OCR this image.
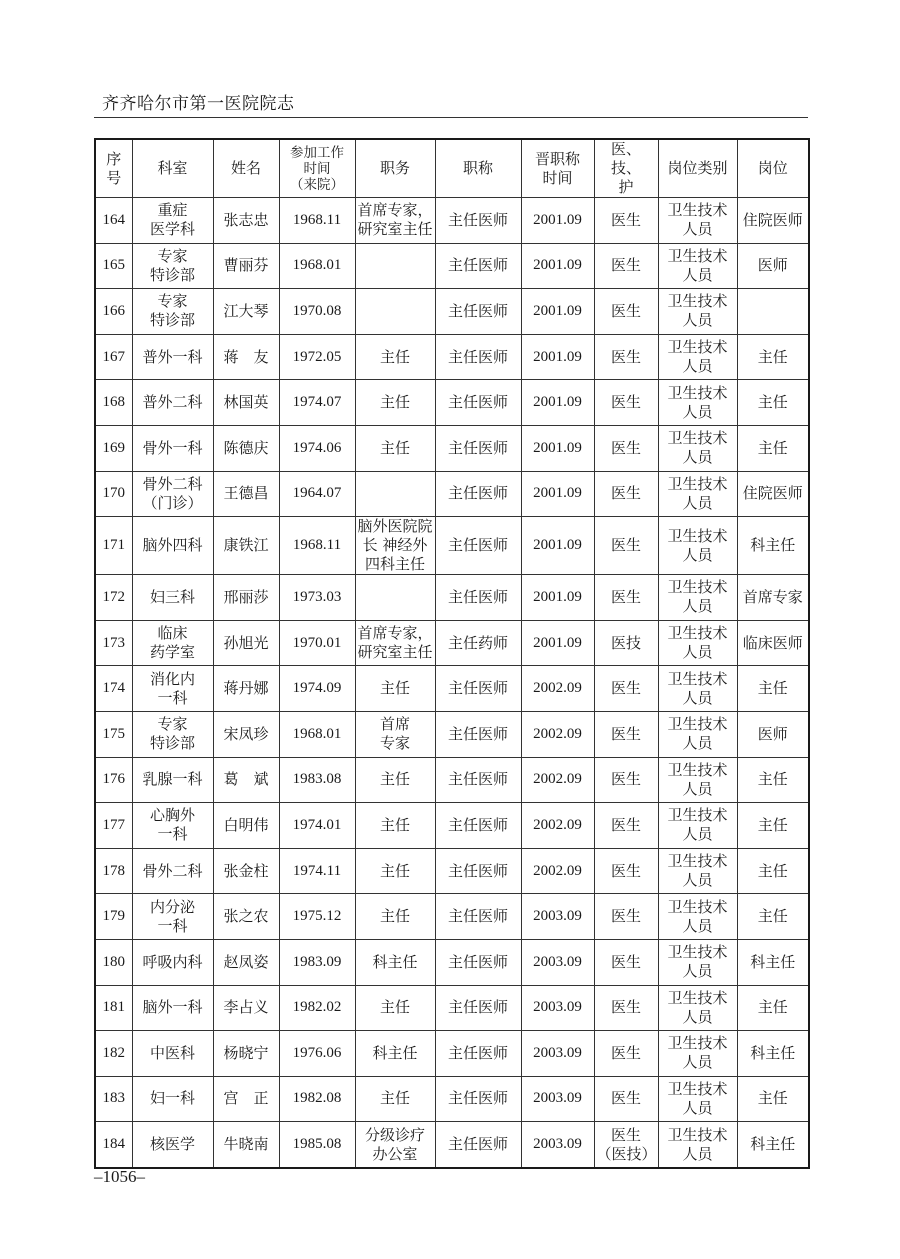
齐齐哈尔市第一医院院志
序
号	科室	姓名	参加工作
时间
（来院）	职务	职称	晋职称
时间	医、技、
护	岗位类别	岗位
164	重症
医学科	张志忠	1968.11	首席专家，
研究室主任	主任医师	2001.09	医生	卫生技术
人员	住院医师
165	专家
特诊部	曹丽芬	1968.01		主任医师	2001.09	医生	卫生技术
人员	医师
166	专家
特诊部	江大琴	1970.08		主任医师	2001.09	医生	卫生技术
人员	
167	普外一科	蒋　友	1972.05	主任	主任医师	2001.09	医生	卫生技术
人员	主任
168	普外二科	林国英	1974.07	主任	主任医师	2001.09	医生	卫生技术
人员	主任
169	骨外一科	陈德庆	1974.06	主任	主任医师	2001.09	医生	卫生技术
人员	主任
170	骨外二科
（门诊）	王德昌	1964.07		主任医师	2001.09	医生	卫生技术
人员	住院医师
171	脑外四科	康铁江	1968.11	脑外医院院
长 神经外
四科主任	主任医师	2001.09	医生	卫生技术
人员	科主任
172	妇三科	邢丽莎	1973.03		主任医师	2001.09	医生	卫生技术
人员	首席专家
173	临床
药学室	孙旭光	1970.01	首席专家，
研究室主任	主任药师	2001.09	医技	卫生技术
人员	临床医师
174	消化内
一科	蒋丹娜	1974.09	主任	主任医师	2002.09	医生	卫生技术
人员	主任
175	专家
特诊部	宋凤珍	1968.01	首席
专家	主任医师	2002.09	医生	卫生技术
人员	医师
176	乳腺一科	葛　斌	1983.08	主任	主任医师	2002.09	医生	卫生技术
人员	主任
177	心胸外
一科	白明伟	1974.01	主任	主任医师	2002.09	医生	卫生技术
人员	主任
178	骨外二科	张金柱	1974.11	主任	主任医师	2002.09	医生	卫生技术
人员	主任
179	内分泌
一科	张之农	1975.12	主任	主任医师	2003.09	医生	卫生技术
人员	主任
180	呼吸内科	赵凤姿	1983.09	科主任	主任医师	2003.09	医生	卫生技术
人员	科主任
181	脑外一科	李占义	1982.02	主任	主任医师	2003.09	医生	卫生技术
人员	主任
182	中医科	杨晓宁	1976.06	科主任	主任医师	2003.09	医生	卫生技术
人员	科主任
183	妇一科	宫　正	1982.08	主任	主任医师	2003.09	医生	卫生技术
人员	主任
184	核医学	牛晓南	1985.08	分级诊疗
办公室	主任医师	2003.09	医生
（医技）	卫生技术
人员	科主任
–1056–
